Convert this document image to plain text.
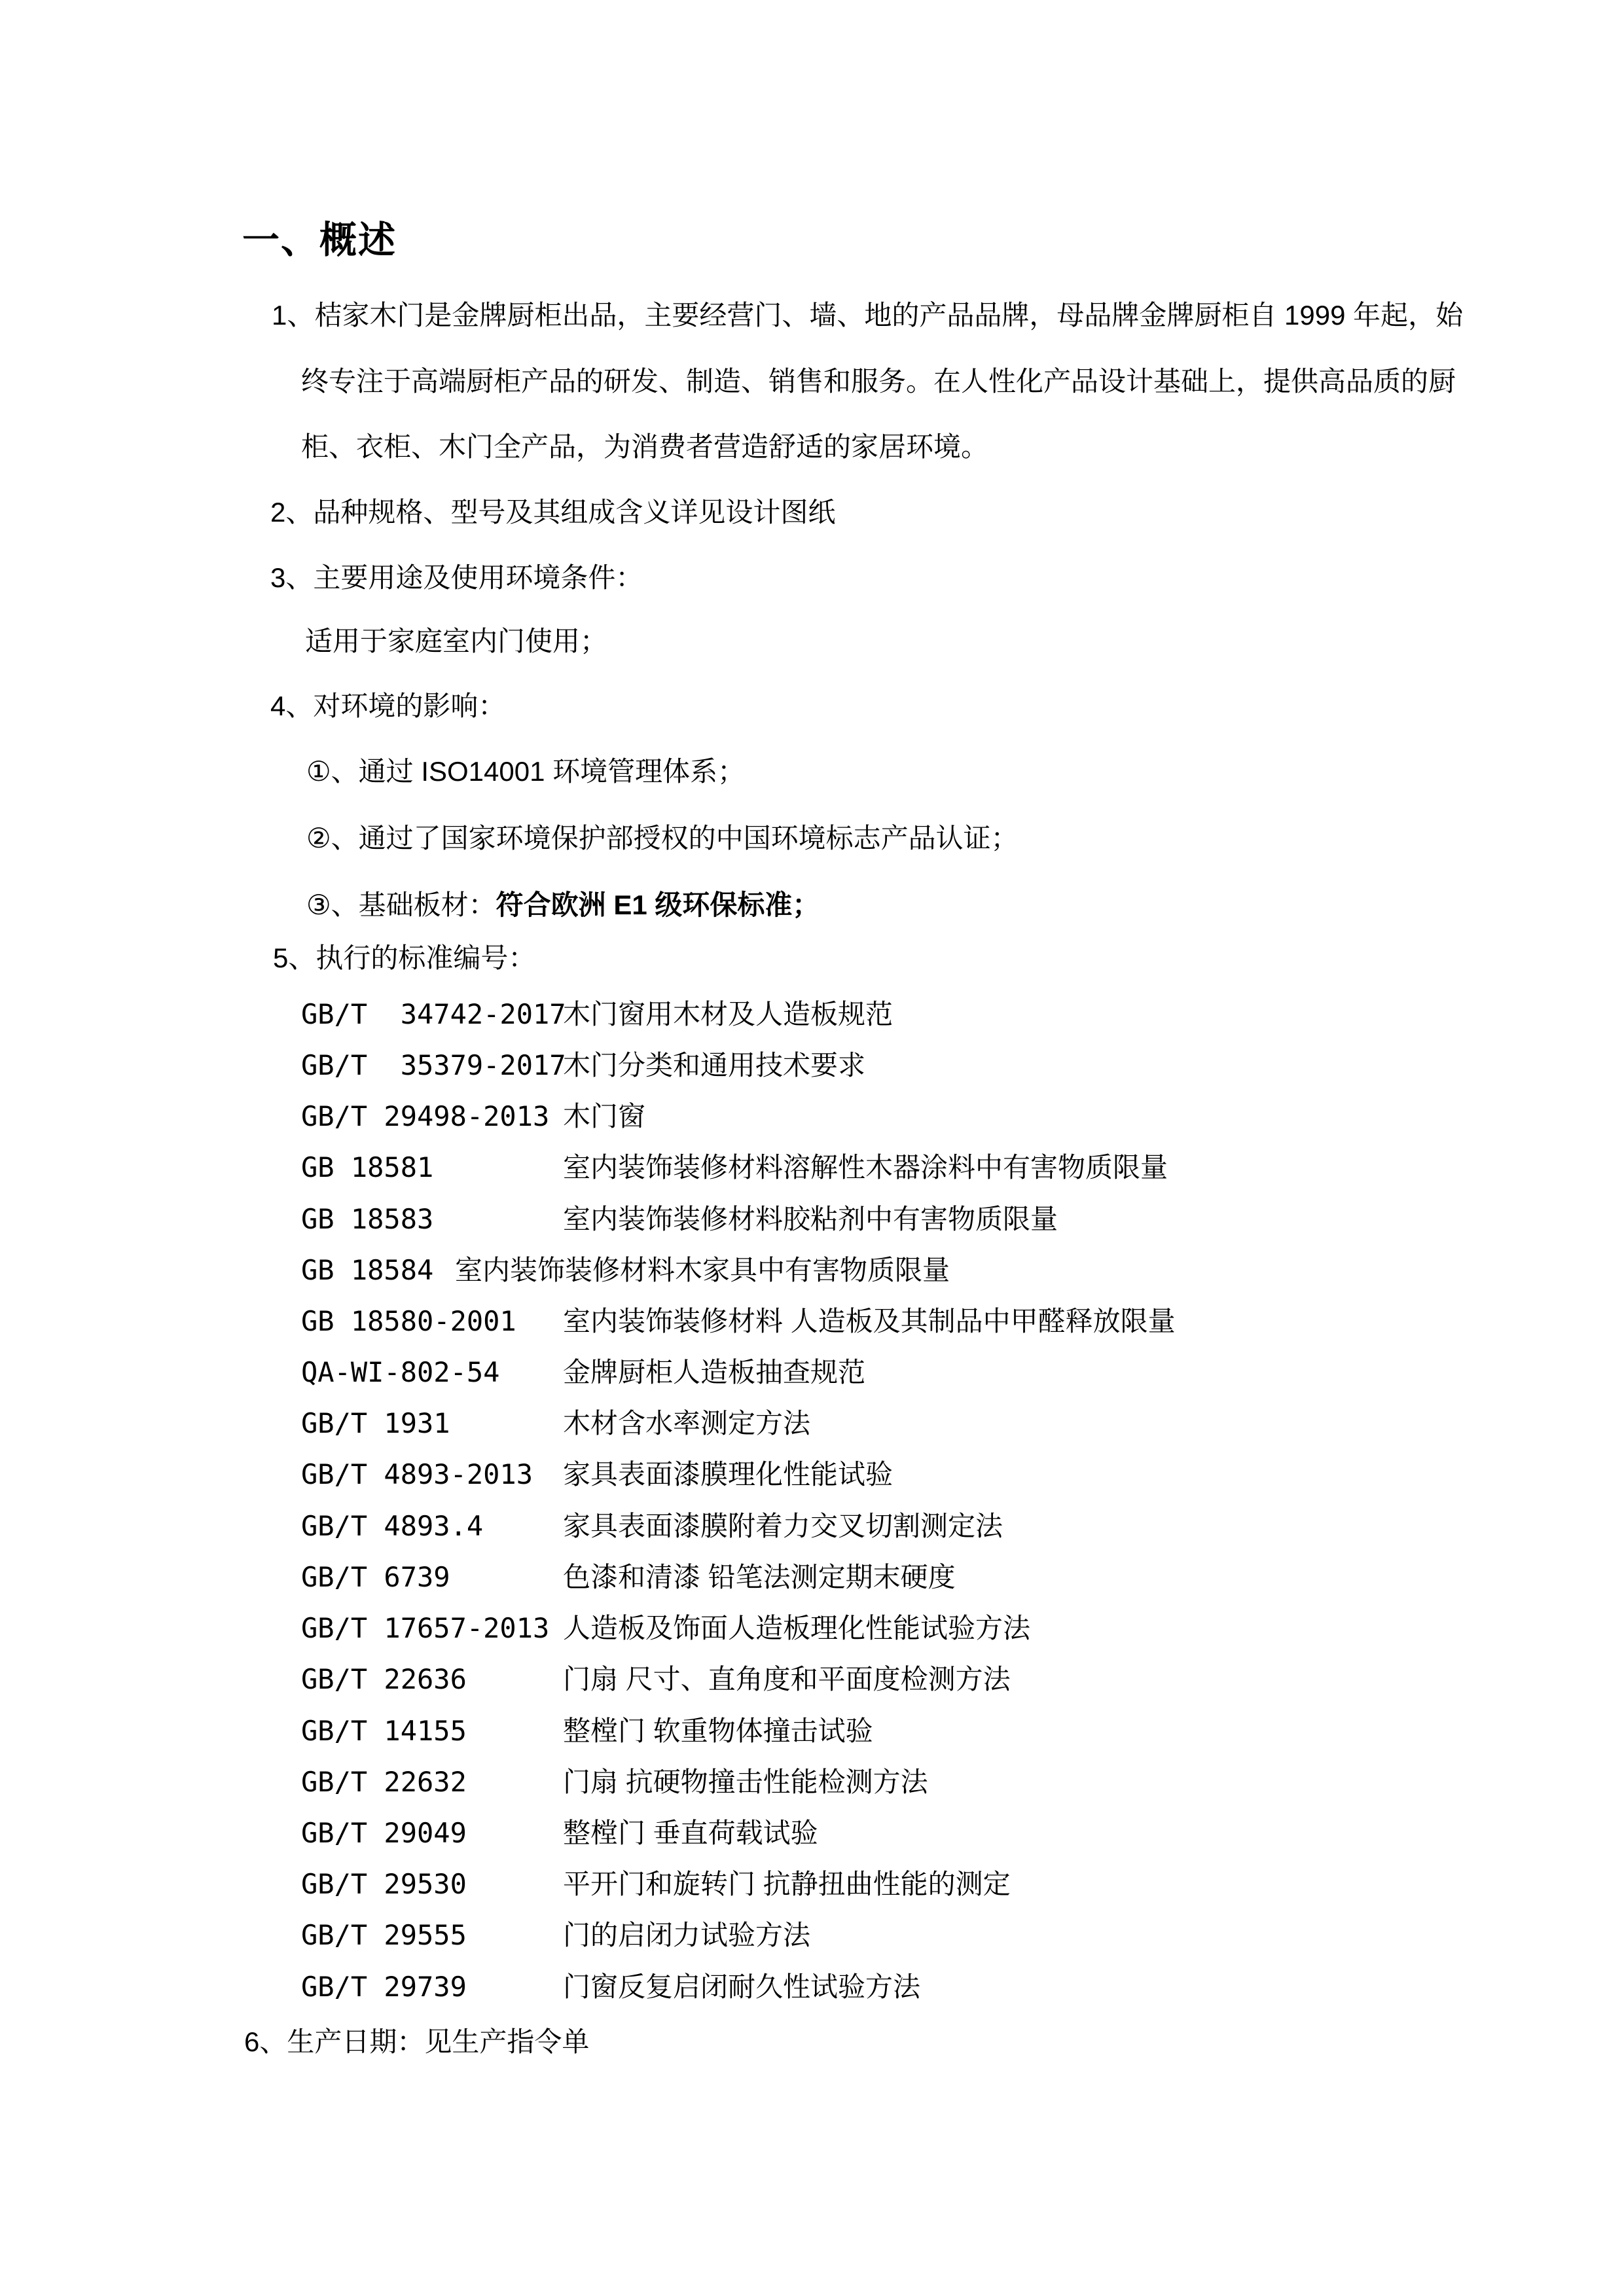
一、概述
1、桔家木门是金牌厨柜出品，主要经营门、墙、地的产品品牌，母品牌金牌厨柜自 1999 年起，始
终专注于高端厨柜产品的研发、制造、销售和服务。在人性化产品设计基础上，提供高品质的厨
柜、衣柜、木门全产品，为消费者营造舒适的家居环境。
2、品种规格、型号及其组成含义详见设计图纸
3、主要用途及使用环境条件：
适用于家庭室内门使用；
4、对环境的影响：
①、通过 ISO14001 环境管理体系；
②、通过了国家环境保护部授权的中国环境标志产品认证；
③、基础板材：符合欧洲 E1 级环保标准；
5、执行的标准编号：
GB/T  34742-2017木门窗用木材及人造板规范
GB/T  35379-2017木门分类和通用技术要求
GB/T 29498-2013 木门窗
GB 18581	室内装饰装修材料溶解性木器涂料中有害物质限量
GB 18583	室内装饰装修材料胶粘剂中有害物质限量
GB 18584 室内装饰装修材料木家具中有害物质限量
GB 18580-2001 室内装饰装修材料 人造板及其制品中甲醛释放限量
QA-WI-802-54 金牌厨柜人造板抽查规范
GB/T 1931	木材含水率测定方法
GB/T 4893-2013 家具表面漆膜理化性能试验
GB/T 4893.4	家具表面漆膜附着力交叉切割测定法
GB/T 6739	色漆和清漆 铅笔法测定期末硬度
GB/T 17657-2013 人造板及饰面人造板理化性能试验方法
GB/T 22636	门扇 尺寸、直角度和平面度检测方法
GB/T 14155	整樘门 软重物体撞击试验
GB/T 22632	门扇 抗硬物撞击性能检测方法
GB/T 29049	整樘门 垂直荷载试验
GB/T 29530	平开门和旋转门 抗静扭曲性能的测定
GB/T 29555	门的启闭力试验方法
GB/T 29739	门窗反复启闭耐久性试验方法
6、生产日期：见生产指令单
